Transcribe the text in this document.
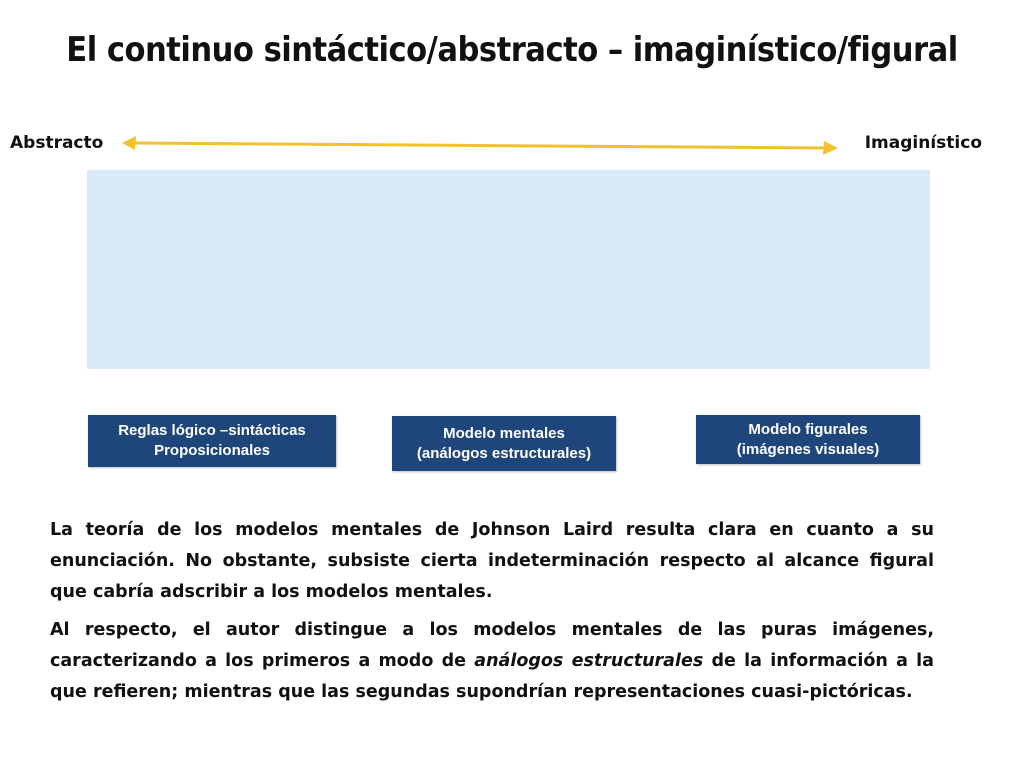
El continuo sintáctico/abstracto – imaginístico/figural
Abstracto	Imaginístico
Reglas lógico –sintácticas
Proposicionales
Modelo mentales
(análogos estructurales)
Modelo figurales
(imágenes visuales)

La teoría de los modelos mentales de Johnson Laird resulta clara en cuanto a su enunciación. No obstante, subsiste cierta indeterminación respecto al alcance figural que cabría adscribir a los modelos mentales.

Al respecto, el autor distingue a los modelos mentales de las puras imágenes, caracterizando a los primeros a modo de análogos estructurales de la información a la que refieren; mientras que las segundas supondrían representaciones cuasi-pictóricas.
